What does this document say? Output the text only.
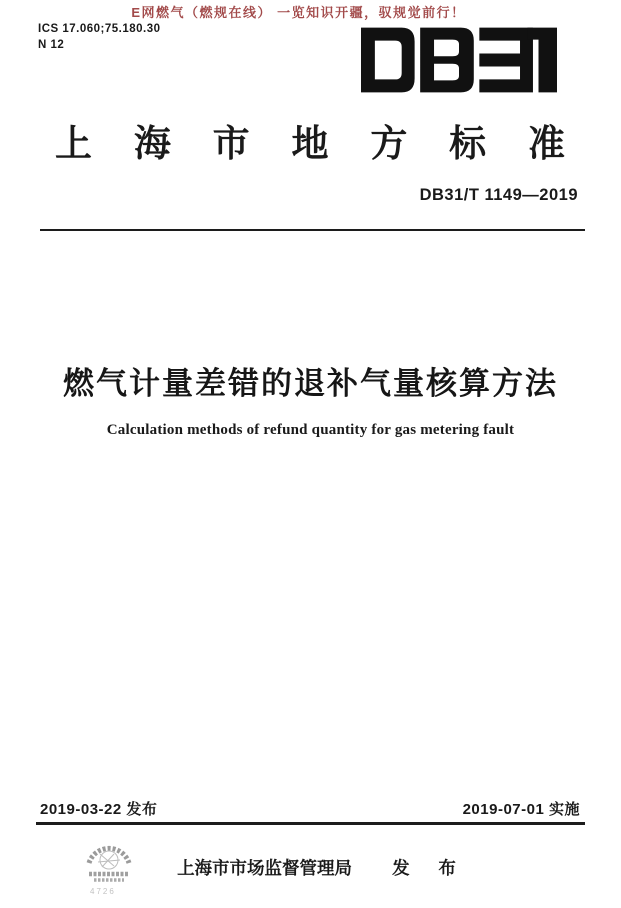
E网燃气（燃规在线） 一览知识开疆，驭规觉前行！
ICS 17.060;75.180.30
N 12
上 海 市 地 方 标 准
DB31/T 1149—2019
燃气计量差错的退补气量核算方法
Calculation methods of refund quantity for gas metering fault
2019-03-22 发布	2019-07-01 实施
4726
上海市市场监督管理局 发 布
